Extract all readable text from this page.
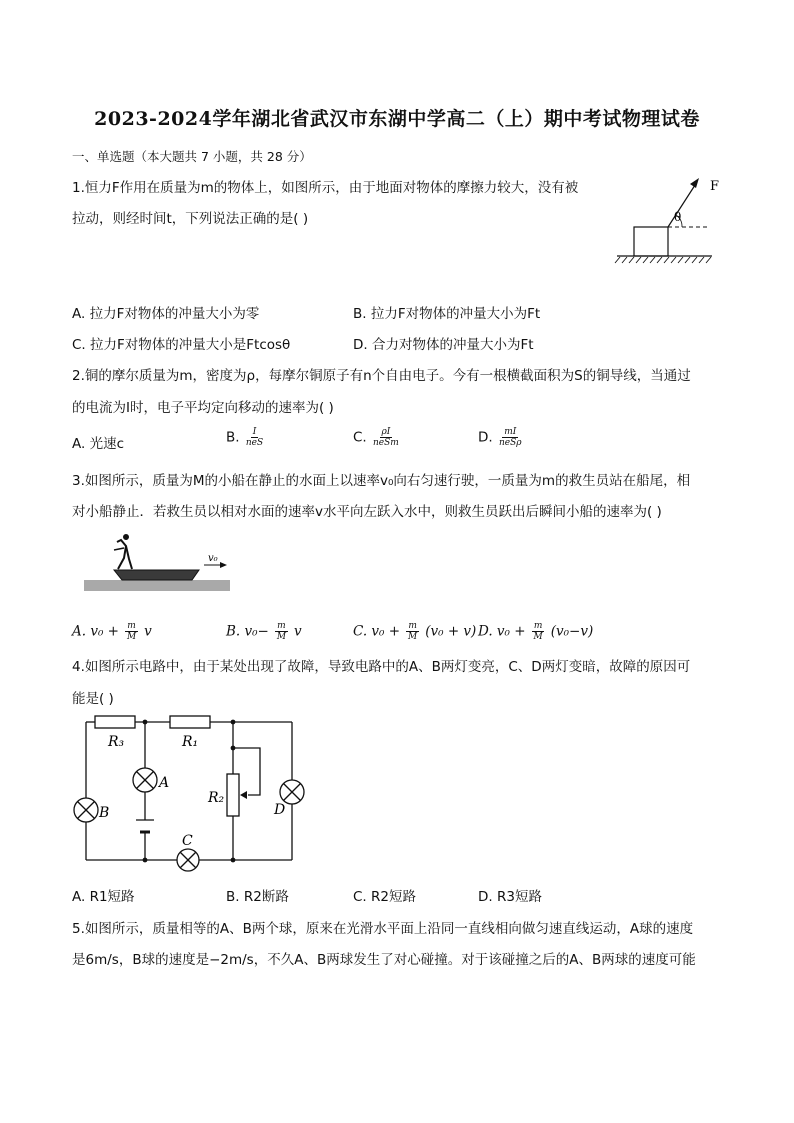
2023-2024学年湖北省武汉市东湖中学高二（上）期中考试物理试卷
一、单选题（本大题共 7 小题，共 28 分）
1.恒力F作用在质量为m的物体上，如图所示，由于地面对物体的摩擦力较大，没有被
拉动，则经时间t，下列说法正确的是( )	θ
F
A. 拉力F对物体的冲量大小为零	B. 拉力F对物体的冲量大小为Ft
C. 拉力F对物体的冲量大小是Ftcosθ	D. 合力对物体的冲量大小为Ft
2.铜的摩尔质量为m，密度为ρ，每摩尔铜原子有n个自由电子。今有一根横截面积为S的铜导线，当通过
的电流为I时，电子平均定向移动的速率为( )
A. 光速c	B. $\frac{I}{\text{neS}}$	C. $\frac{\rho I}{\text{neSm}}$	D. $\frac{mI}{\text{neSρ}}$
3.如图所示，质量为M的小船在静止的水面上以速率v₀向右匀速行驶，一质量为m的救生员站在船尾，相
对小船静止．若救生员以相对水面的速率v水平向左跃入水中，则救生员跃出后瞬间小船的速率为( )
v₀
A. $v_0 + \frac{m}{M}$ v	B. $v_0- \frac{m}{M}$ v	C. $v_0 + \frac{m}{M} (v_0 + v)$ D. $v_0 + \frac{m}{M} (v_0-v)$
4.如图所示电路中，由于某处出现了故障，导致电路中的A、B两灯变亮，C、D两灯变暗，故障的原因可
能是( )
R₃	R₁
R₂
A
B
C
D
A. R1短路	B. R2断路	C. R2短路	D. R3短路
5.如图所示，质量相等的A、B两个球，原来在光滑水平面上沿同一直线相向做匀速直线运动，A球的速度
是6m/s，B球的速度是−2m/s，不久A、B两球发生了对心碰撞。对于该碰撞之后的A、B两球的速度可能
